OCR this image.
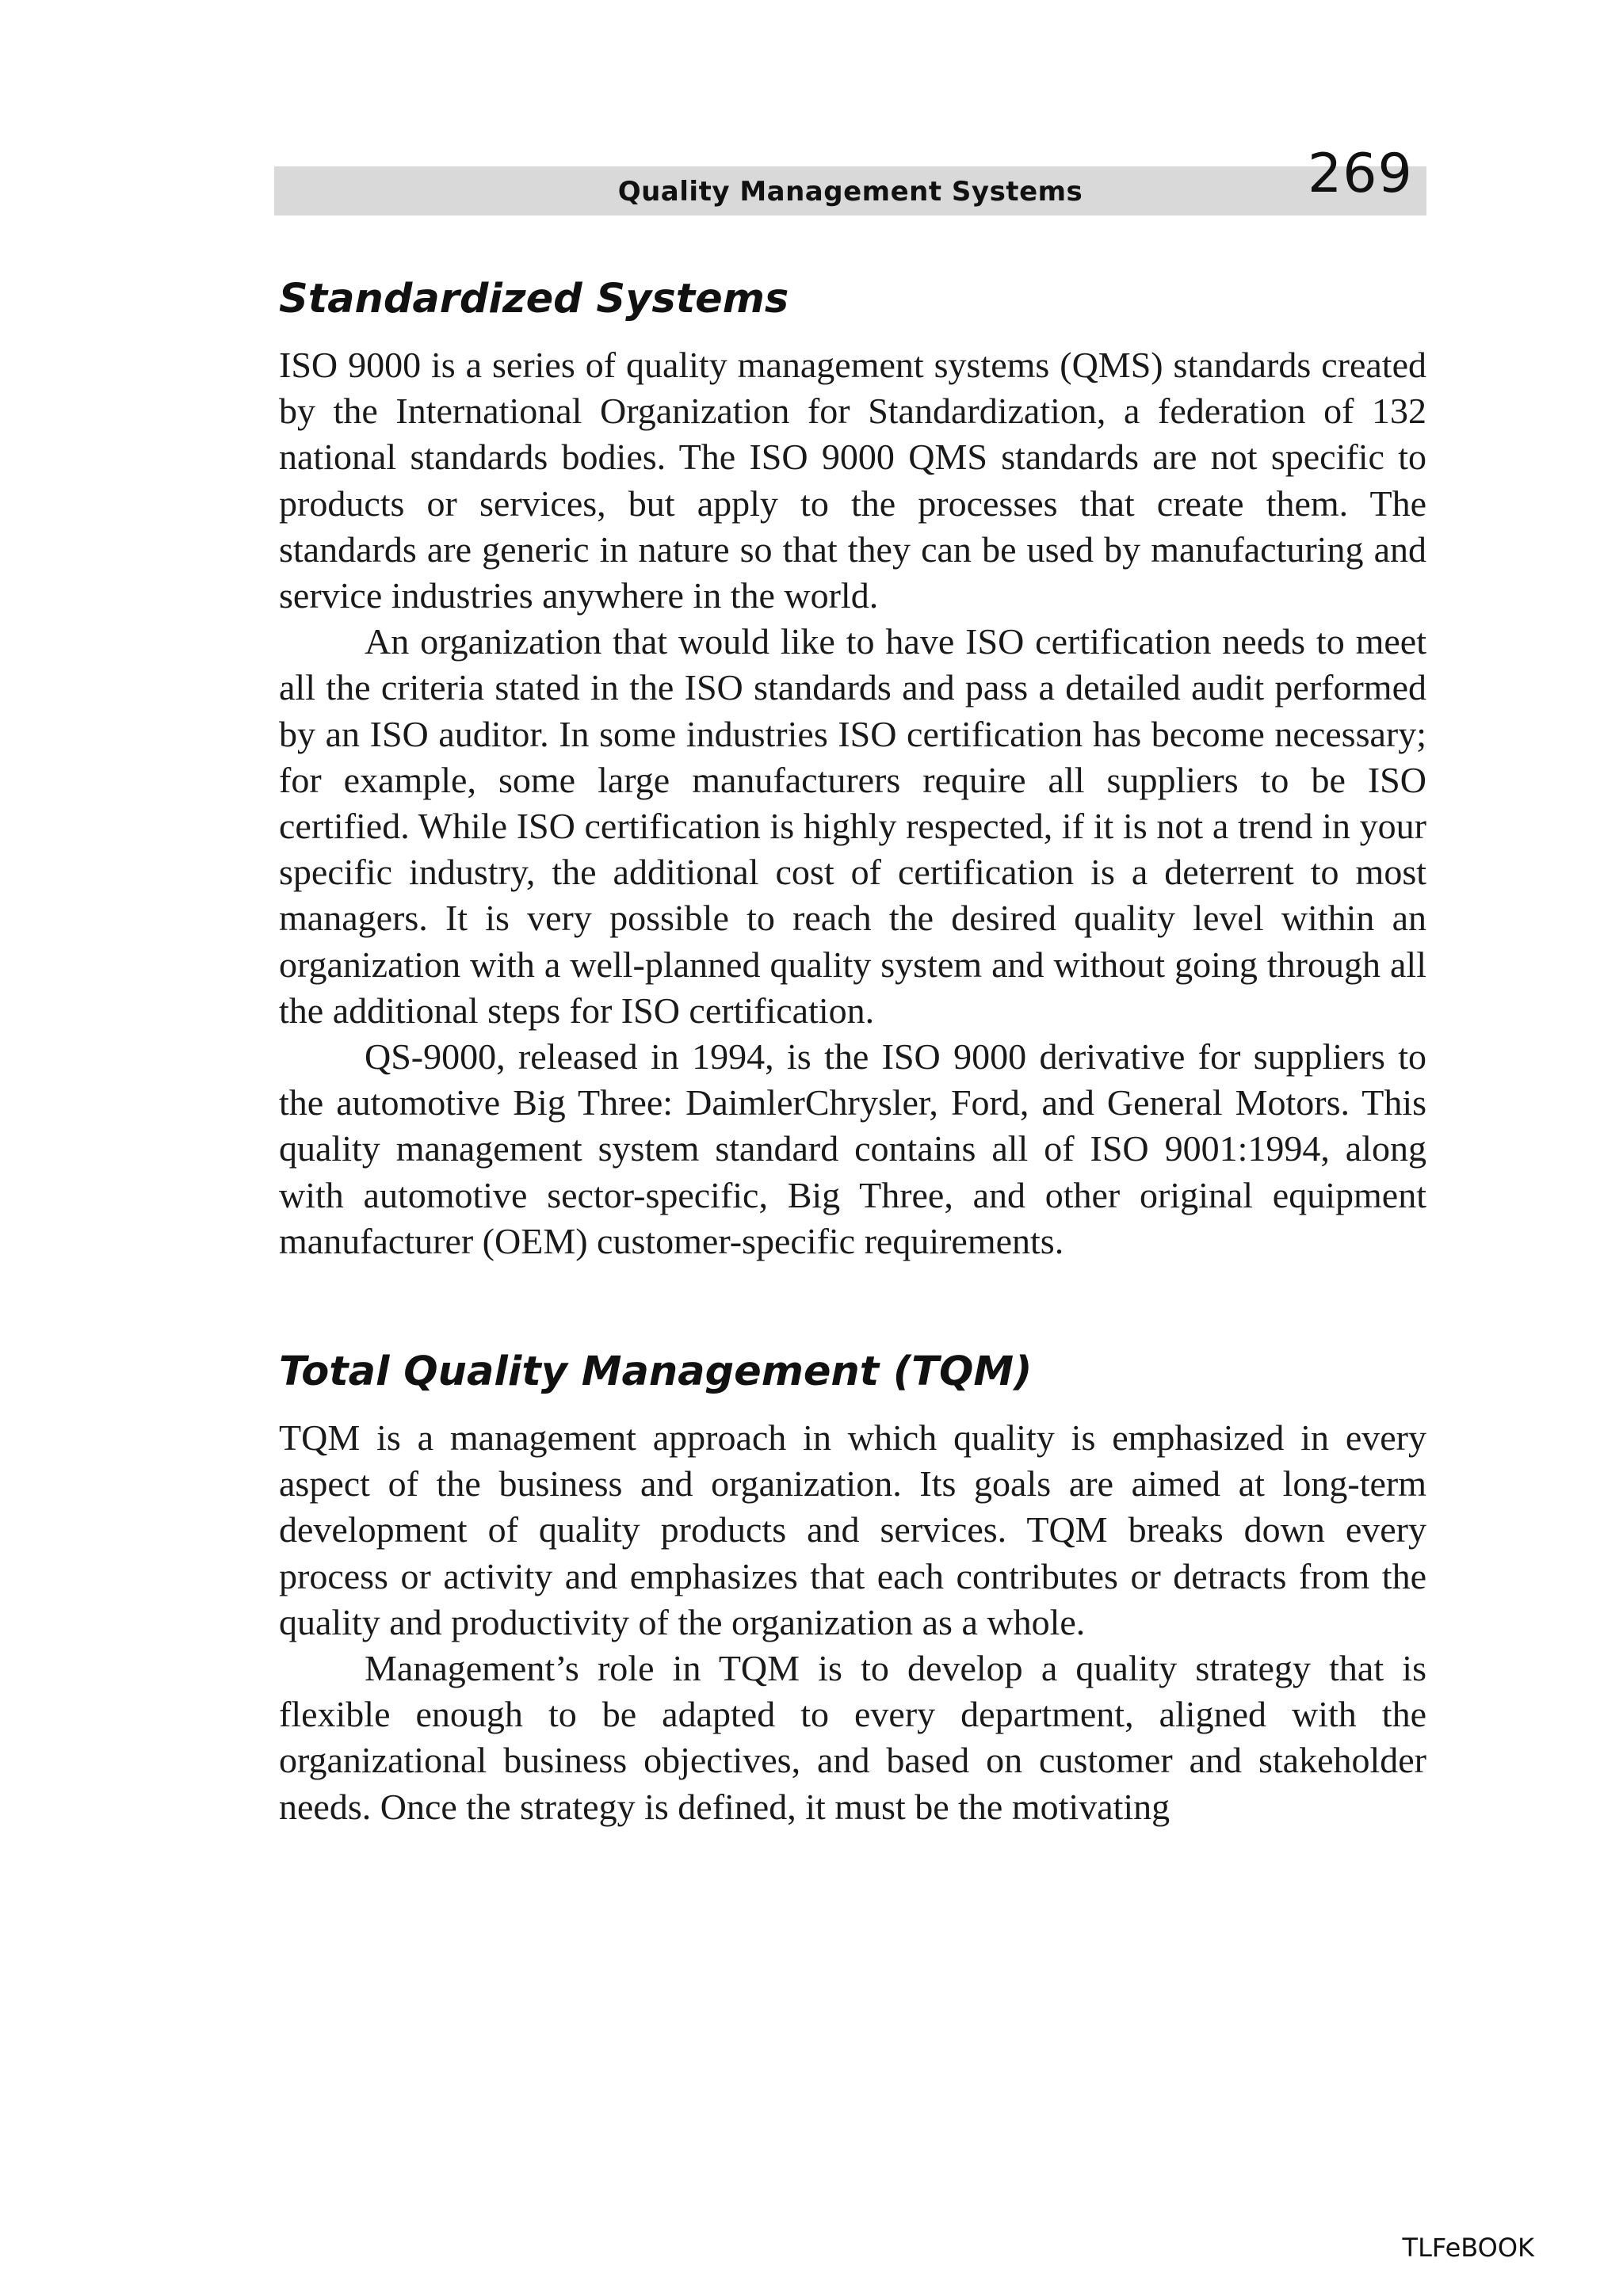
Quality Management Systems	269
Standardized Systems

ISO 9000 is a series of quality management systems (QMS) standards created by the International Organization for Standardization, a federation of 132 national standards bodies. The ISO 9000 QMS standards are not specific to products or services, but apply to the processes that create them. The standards are generic in nature so that they can be used by manufacturing and service industries anywhere in the world.

An organization that would like to have ISO certification needs to meet all the criteria stated in the ISO standards and pass a detailed audit performed by an ISO auditor. In some industries ISO certification has become necessary; for example, some large manufacturers require all suppliers to be ISO certified. While ISO certification is highly respected, if it is not a trend in your specific industry, the additional cost of certification is a deterrent to most managers. It is very possible to reach the desired quality level within an organization with a well-planned quality system and without going through all the additional steps for ISO certification.

QS-9000, released in 1994, is the ISO 9000 derivative for suppliers to the automotive Big Three: DaimlerChrysler, Ford, and General Motors. This quality management system standard contains all of ISO 9001:1994, along with automotive sector-specific, Big Three, and other original equipment manufacturer (OEM) customer-specific requirements.

Total Quality Management (TQM)

TQM is a management approach in which quality is emphasized in every aspect of the business and organization. Its goals are aimed at long-term development of quality products and services. TQM breaks down every process or activity and emphasizes that each contributes or detracts from the quality and productivity of the organization as a whole.

Management’s role in TQM is to develop a quality strategy that is flexible enough to be adapted to every department, aligned with the organizational business objectives, and based on customer and stakeholder needs. Once the strategy is defined, it must be the motivating

TLFeBOOK
